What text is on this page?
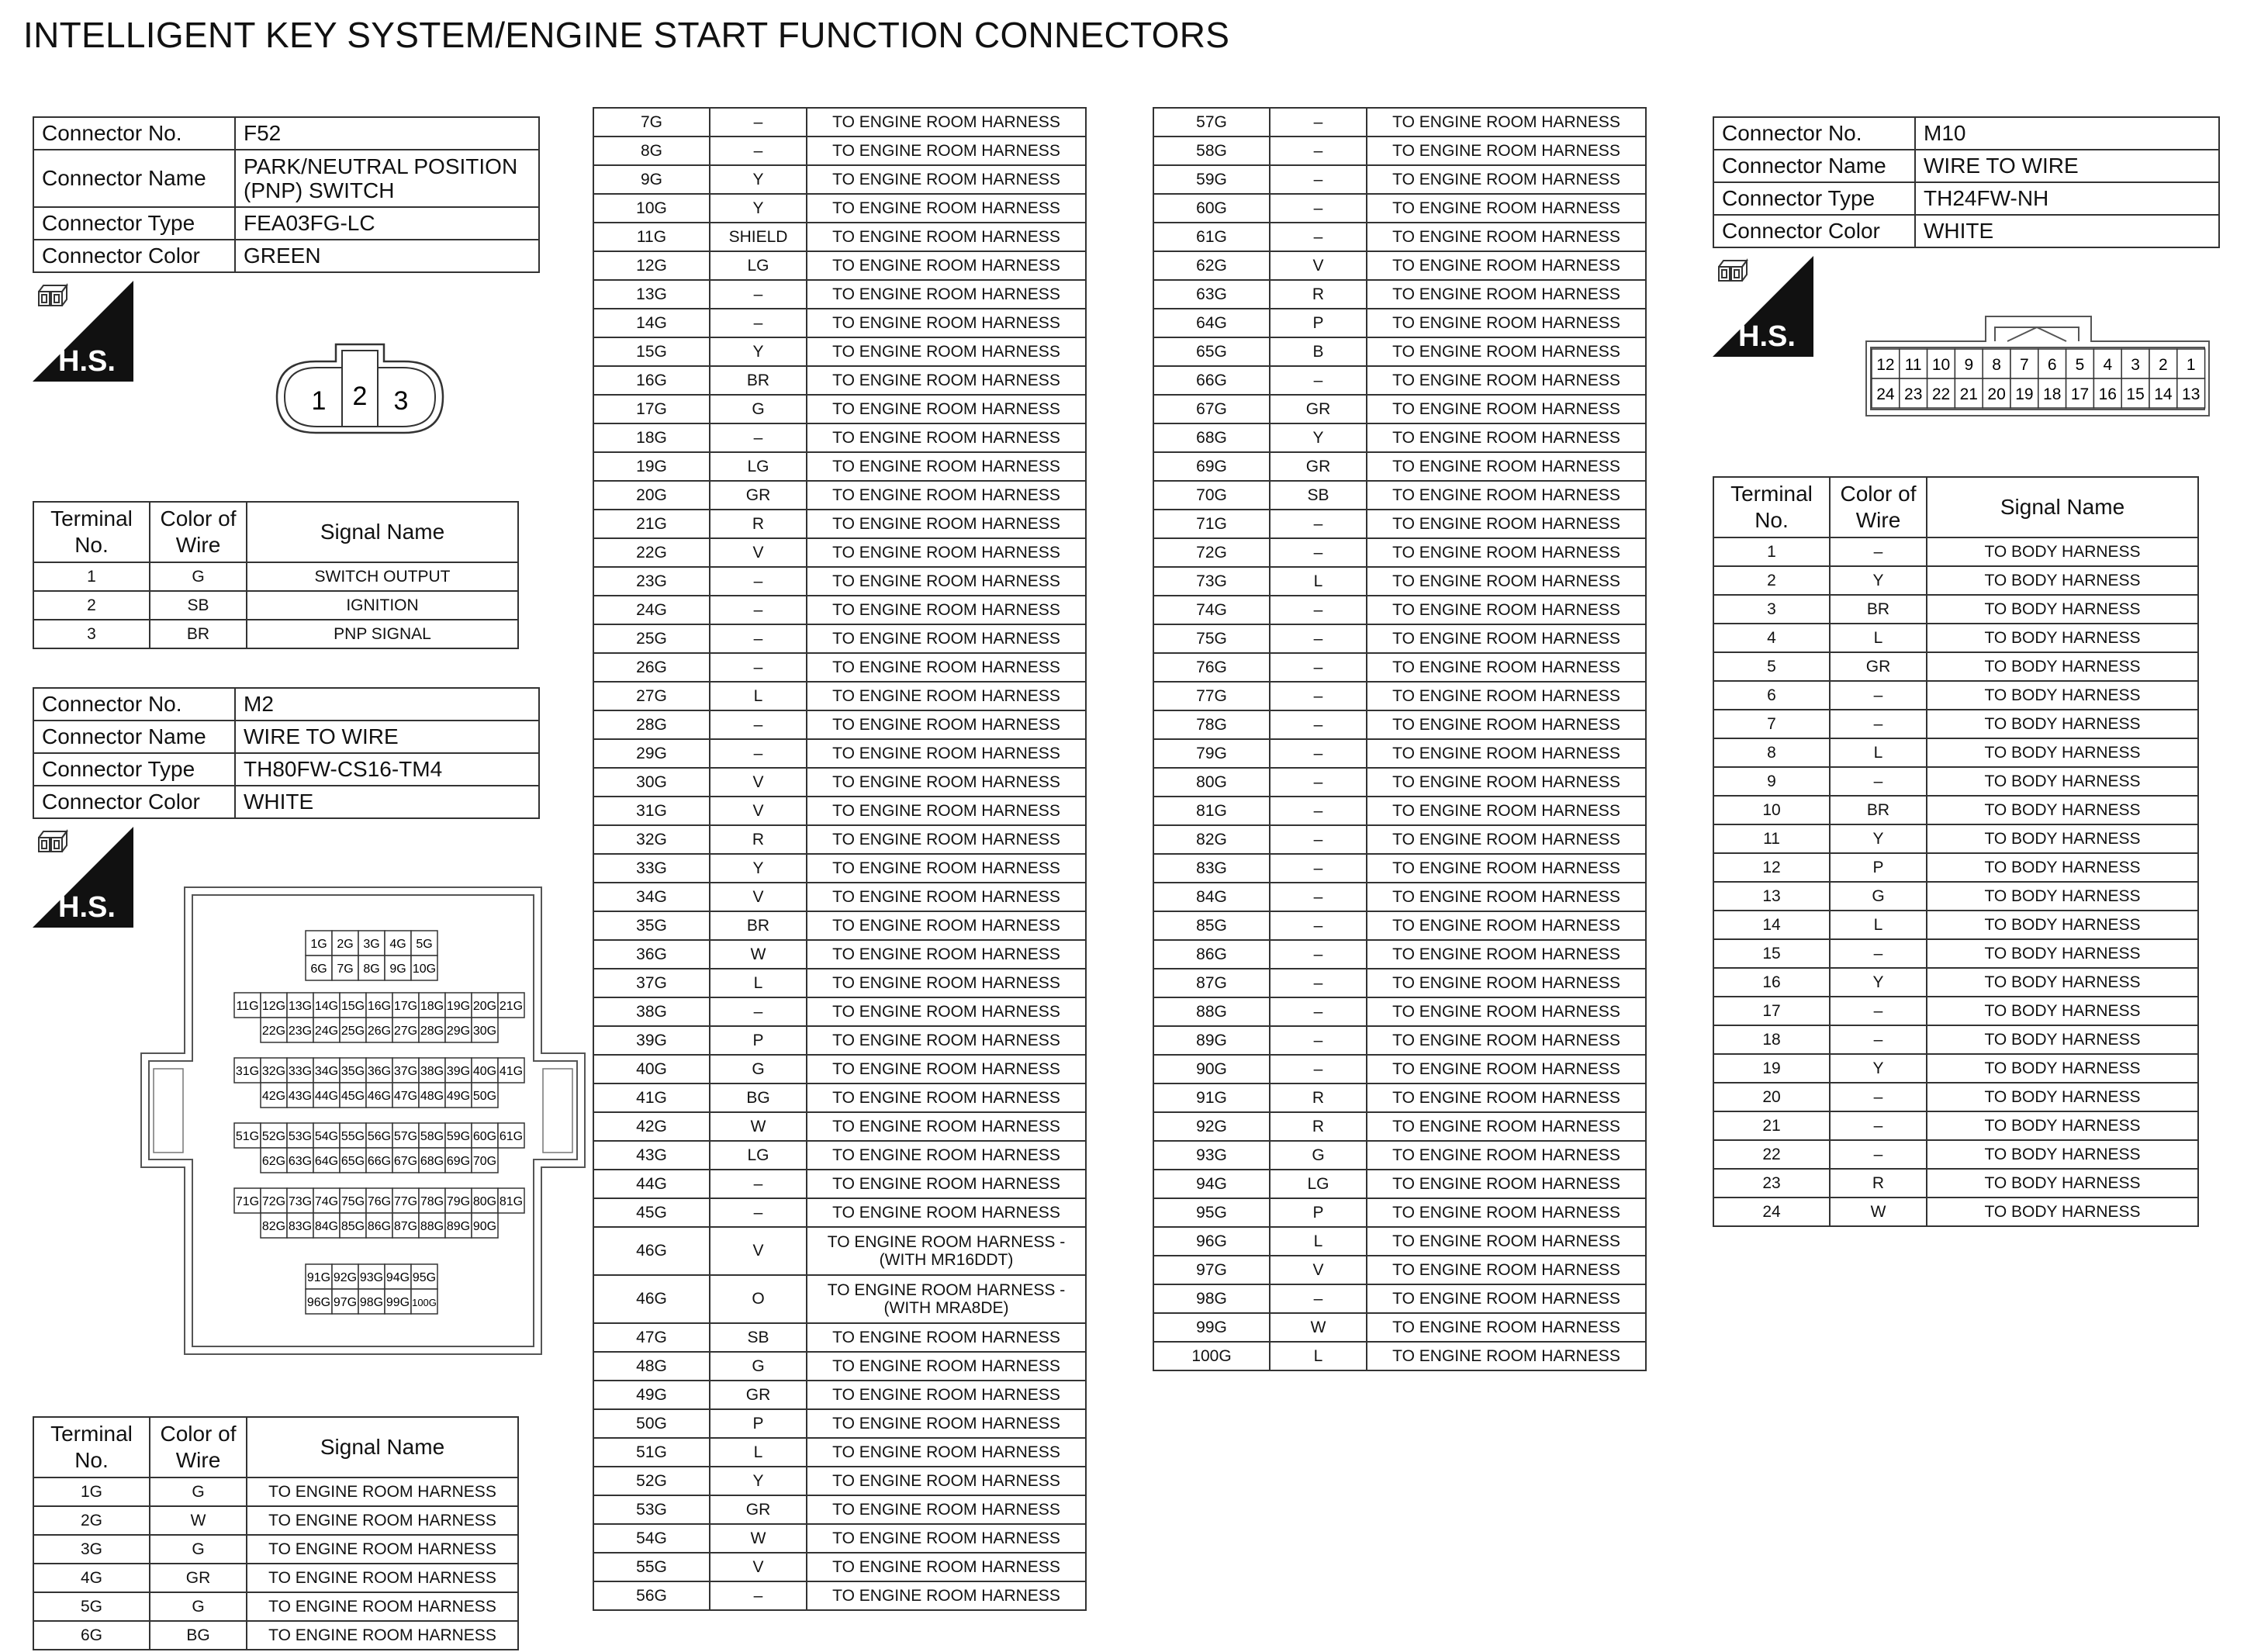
INTELLIGENT KEY SYSTEM/ENGINE START FUNCTION CONNECTORS
Connector No.	F52
Connector Name	PARK/NEUTRAL POSITION (PNP) SWITCH
Connector Type	FEA03FG-LC
Connector Color	GREEN
H.S.
1 2 3
Terminal No.	Color of Wire	Signal Name
1	G	SWITCH OUTPUT
2	SB	IGNITION
3	BR	PNP SIGNAL
Connector No.	M2
Connector Name	WIRE TO WIRE
Connector Type	TH80FW-CS16-TM4
Connector Color	WHITE
H.S.
1G 2G 3G 4G 5G
6G 7G 8G 9G 10G
11G 12G 13G 14G 15G 16G 17G 18G 19G 20G 21G
22G 23G 24G 25G 26G 27G 28G 29G 30G
31G 32G 33G 34G 35G 36G 37G 38G 39G 40G 41G
42G 43G 44G 45G 46G 47G 48G 49G 50G
51G 52G 53G 54G 55G 56G 57G 58G 59G 60G 61G
62G 63G 64G 65G 66G 67G 68G 69G 70G
71G 72G 73G 74G 75G 76G 77G 78G 79G 80G 81G
82G 83G 84G 85G 86G 87G 88G 89G 90G
91G 92G 93G 94G 95G
96G 97G 98G 99G 100G
Terminal No.	Color of Wire	Signal Name
1G	G	TO ENGINE ROOM HARNESS
2G	W	TO ENGINE ROOM HARNESS
3G	G	TO ENGINE ROOM HARNESS
4G	GR	TO ENGINE ROOM HARNESS
5G	G	TO ENGINE ROOM HARNESS
6G	BG	TO ENGINE ROOM HARNESS
7G	–	TO ENGINE ROOM HARNESS
8G	–	TO ENGINE ROOM HARNESS
9G	Y	TO ENGINE ROOM HARNESS
10G	Y	TO ENGINE ROOM HARNESS
11G	SHIELD	TO ENGINE ROOM HARNESS
12G	LG	TO ENGINE ROOM HARNESS
13G	–	TO ENGINE ROOM HARNESS
14G	–	TO ENGINE ROOM HARNESS
15G	Y	TO ENGINE ROOM HARNESS
16G	BR	TO ENGINE ROOM HARNESS
17G	G	TO ENGINE ROOM HARNESS
18G	–	TO ENGINE ROOM HARNESS
19G	LG	TO ENGINE ROOM HARNESS
20G	GR	TO ENGINE ROOM HARNESS
21G	R	TO ENGINE ROOM HARNESS
22G	V	TO ENGINE ROOM HARNESS
23G	–	TO ENGINE ROOM HARNESS
24G	–	TO ENGINE ROOM HARNESS
25G	–	TO ENGINE ROOM HARNESS
26G	–	TO ENGINE ROOM HARNESS
27G	L	TO ENGINE ROOM HARNESS
28G	–	TO ENGINE ROOM HARNESS
29G	–	TO ENGINE ROOM HARNESS
30G	V	TO ENGINE ROOM HARNESS
31G	V	TO ENGINE ROOM HARNESS
32G	R	TO ENGINE ROOM HARNESS
33G	Y	TO ENGINE ROOM HARNESS
34G	V	TO ENGINE ROOM HARNESS
35G	BR	TO ENGINE ROOM HARNESS
36G	W	TO ENGINE ROOM HARNESS
37G	L	TO ENGINE ROOM HARNESS
38G	–	TO ENGINE ROOM HARNESS
39G	P	TO ENGINE ROOM HARNESS
40G	G	TO ENGINE ROOM HARNESS
41G	BG	TO ENGINE ROOM HARNESS
42G	W	TO ENGINE ROOM HARNESS
43G	LG	TO ENGINE ROOM HARNESS
44G	–	TO ENGINE ROOM HARNESS
45G	–	TO ENGINE ROOM HARNESS
46G	V	TO ENGINE ROOM HARNESS - (WITH MR16DDT)
46G	O	TO ENGINE ROOM HARNESS - (WITH MRA8DE)
47G	SB	TO ENGINE ROOM HARNESS
48G	G	TO ENGINE ROOM HARNESS
49G	GR	TO ENGINE ROOM HARNESS
50G	P	TO ENGINE ROOM HARNESS
51G	L	TO ENGINE ROOM HARNESS
52G	Y	TO ENGINE ROOM HARNESS
53G	GR	TO ENGINE ROOM HARNESS
54G	W	TO ENGINE ROOM HARNESS
55G	V	TO ENGINE ROOM HARNESS
56G	–	TO ENGINE ROOM HARNESS
57G	–	TO ENGINE ROOM HARNESS
58G	–	TO ENGINE ROOM HARNESS
59G	–	TO ENGINE ROOM HARNESS
60G	–	TO ENGINE ROOM HARNESS
61G	–	TO ENGINE ROOM HARNESS
62G	V	TO ENGINE ROOM HARNESS
63G	R	TO ENGINE ROOM HARNESS
64G	P	TO ENGINE ROOM HARNESS
65G	B	TO ENGINE ROOM HARNESS
66G	–	TO ENGINE ROOM HARNESS
67G	GR	TO ENGINE ROOM HARNESS
68G	Y	TO ENGINE ROOM HARNESS
69G	GR	TO ENGINE ROOM HARNESS
70G	SB	TO ENGINE ROOM HARNESS
71G	–	TO ENGINE ROOM HARNESS
72G	–	TO ENGINE ROOM HARNESS
73G	L	TO ENGINE ROOM HARNESS
74G	–	TO ENGINE ROOM HARNESS
75G	–	TO ENGINE ROOM HARNESS
76G	–	TO ENGINE ROOM HARNESS
77G	–	TO ENGINE ROOM HARNESS
78G	–	TO ENGINE ROOM HARNESS
79G	–	TO ENGINE ROOM HARNESS
80G	–	TO ENGINE ROOM HARNESS
81G	–	TO ENGINE ROOM HARNESS
82G	–	TO ENGINE ROOM HARNESS
83G	–	TO ENGINE ROOM HARNESS
84G	–	TO ENGINE ROOM HARNESS
85G	–	TO ENGINE ROOM HARNESS
86G	–	TO ENGINE ROOM HARNESS
87G	–	TO ENGINE ROOM HARNESS
88G	–	TO ENGINE ROOM HARNESS
89G	–	TO ENGINE ROOM HARNESS
90G	–	TO ENGINE ROOM HARNESS
91G	R	TO ENGINE ROOM HARNESS
92G	R	TO ENGINE ROOM HARNESS
93G	G	TO ENGINE ROOM HARNESS
94G	LG	TO ENGINE ROOM HARNESS
95G	P	TO ENGINE ROOM HARNESS
96G	L	TO ENGINE ROOM HARNESS
97G	V	TO ENGINE ROOM HARNESS
98G	–	TO ENGINE ROOM HARNESS
99G	W	TO ENGINE ROOM HARNESS
100G	L	TO ENGINE ROOM HARNESS
Connector No.	M10
Connector Name	WIRE TO WIRE
Connector Type	TH24FW-NH
Connector Color	WHITE
H.S.
12 11 10 9 8 7 6 5 4 3 2 1
24 23 22 21 20 19 18 17 16 15 14 13
Terminal No.	Color of Wire	Signal Name
1	–	TO BODY HARNESS
2	Y	TO BODY HARNESS
3	BR	TO BODY HARNESS
4	L	TO BODY HARNESS
5	GR	TO BODY HARNESS
6	–	TO BODY HARNESS
7	–	TO BODY HARNESS
8	L	TO BODY HARNESS
9	–	TO BODY HARNESS
10	BR	TO BODY HARNESS
11	Y	TO BODY HARNESS
12	P	TO BODY HARNESS
13	G	TO BODY HARNESS
14	L	TO BODY HARNESS
15	–	TO BODY HARNESS
16	Y	TO BODY HARNESS
17	–	TO BODY HARNESS
18	–	TO BODY HARNESS
19	Y	TO BODY HARNESS
20	–	TO BODY HARNESS
21	–	TO BODY HARNESS
22	–	TO BODY HARNESS
23	R	TO BODY HARNESS
24	W	TO BODY HARNESS
